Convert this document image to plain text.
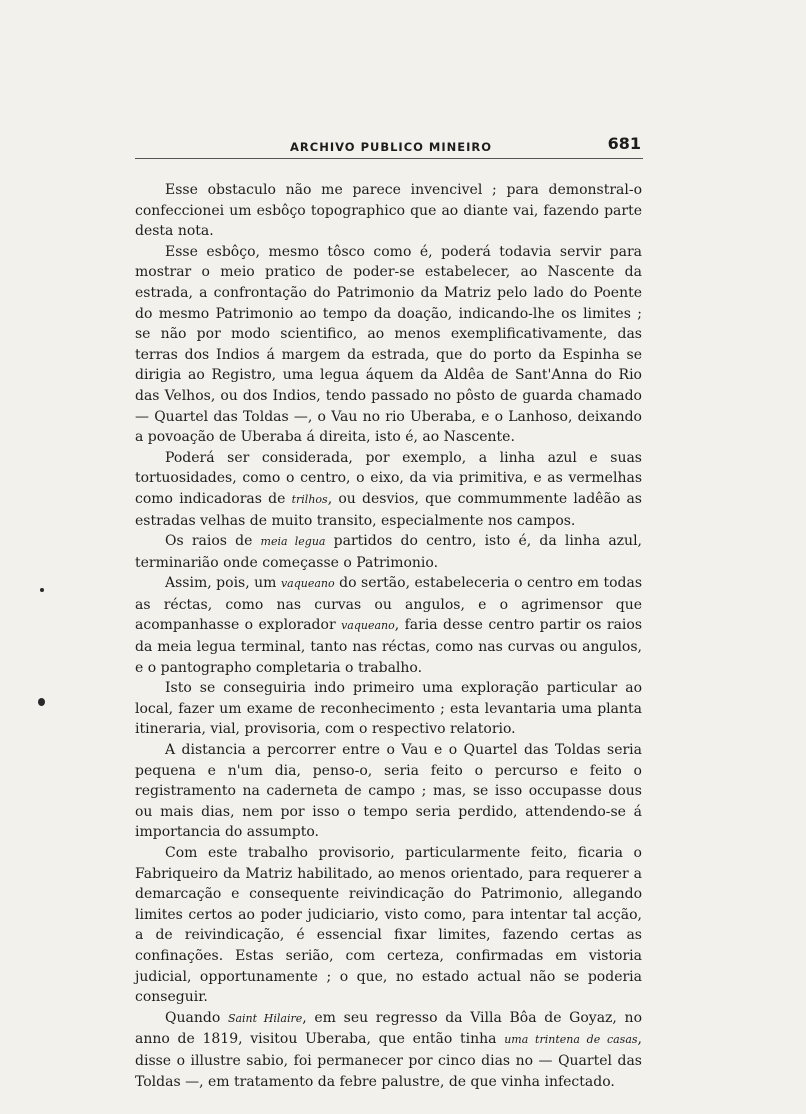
ARCHIVO PUBLICO MINEIRO	681

Esse obstaculo não me parece invencivel ; para demonstral-o confeccionei um esbôço topographico que ao diante vai, fazendo parte desta nota.

Esse esbôço, mesmo tôsco como é, poderá todavia servir para mostrar o meio pratico de poder-se estabelecer, ao Nascente da estrada, a confrontação do Patrimonio da Matriz pelo lado do Poente do mesmo Patrimonio ao tempo da doação, indicando-lhe os limites ; se não por modo scientifico, ao menos exemplificativamente, das terras dos Indios á margem da estrada, que do porto da Espinha se dirigia ao Registro, uma legua áquem da Aldêa de Sant'Anna do Rio das Velhos, ou dos Indios, tendo passado no pôsto de guarda chamado — Quartel das Toldas —, o Vau no rio Uberaba, e o Lanhoso, deixando a povoação de Uberaba á direita, isto é, ao Nascente.

Poderá ser considerada, por exemplo, a linha azul e suas tortuosidades, como o centro, o eixo, da via primitiva, e as vermelhas como indicadoras de trilhos, ou desvios, que commummente ladêão as estradas velhas de muito transito, especialmente nos campos.

Os raios de meia legua partidos do centro, isto é, da linha azul, terminarião onde começasse o Patrimonio.

Assim, pois, um vaqueano do sertão, estabeleceria o centro em todas as réctas, como nas curvas ou angulos, e o agrimensor que acompanhasse o explorador vaqueano, faria desse centro partir os raios da meia legua terminal, tanto nas réctas, como nas curvas ou angulos, e o pantographo completaria o trabalho.

Isto se conseguiria indo primeiro uma exploração particular ao local, fazer um exame de reconhecimento ; esta levantaria uma planta itineraria, vial, provisoria, com o respectivo relatorio.

A distancia a percorrer entre o Vau e o Quartel das Toldas seria pequena e n'um dia, penso-o, seria feito o percurso e feito o registramento na caderneta de campo ; mas, se isso occupasse dous ou mais dias, nem por isso o tempo seria perdido, attendendo-se á importancia do assumpto.

Com este trabalho provisorio, particularmente feito, ficaria o Fabriqueiro da Matriz habilitado, ao menos orientado, para requerer a demarcação e consequente reivindicação do Patrimonio, allegando limites certos ao poder judiciario, visto como, para intentar tal acção, a de reivindicação, é essencial fixar limites, fazendo certas as confinações. Estas serião, com certeza, confirmadas em vistoria judicial, opportunamente ; o que, no estado actual não se poderia conseguir.

Quando Saint Hilaire, em seu regresso da Villa Bôa de Goyaz, no anno de 1819, visitou Uberaba, que então tinha uma trintena de casas, disse o illustre sabio, foi permanecer por cinco dias no — Quartel das Toldas —, em tratamento da febre palustre, de que vinha infectado.
